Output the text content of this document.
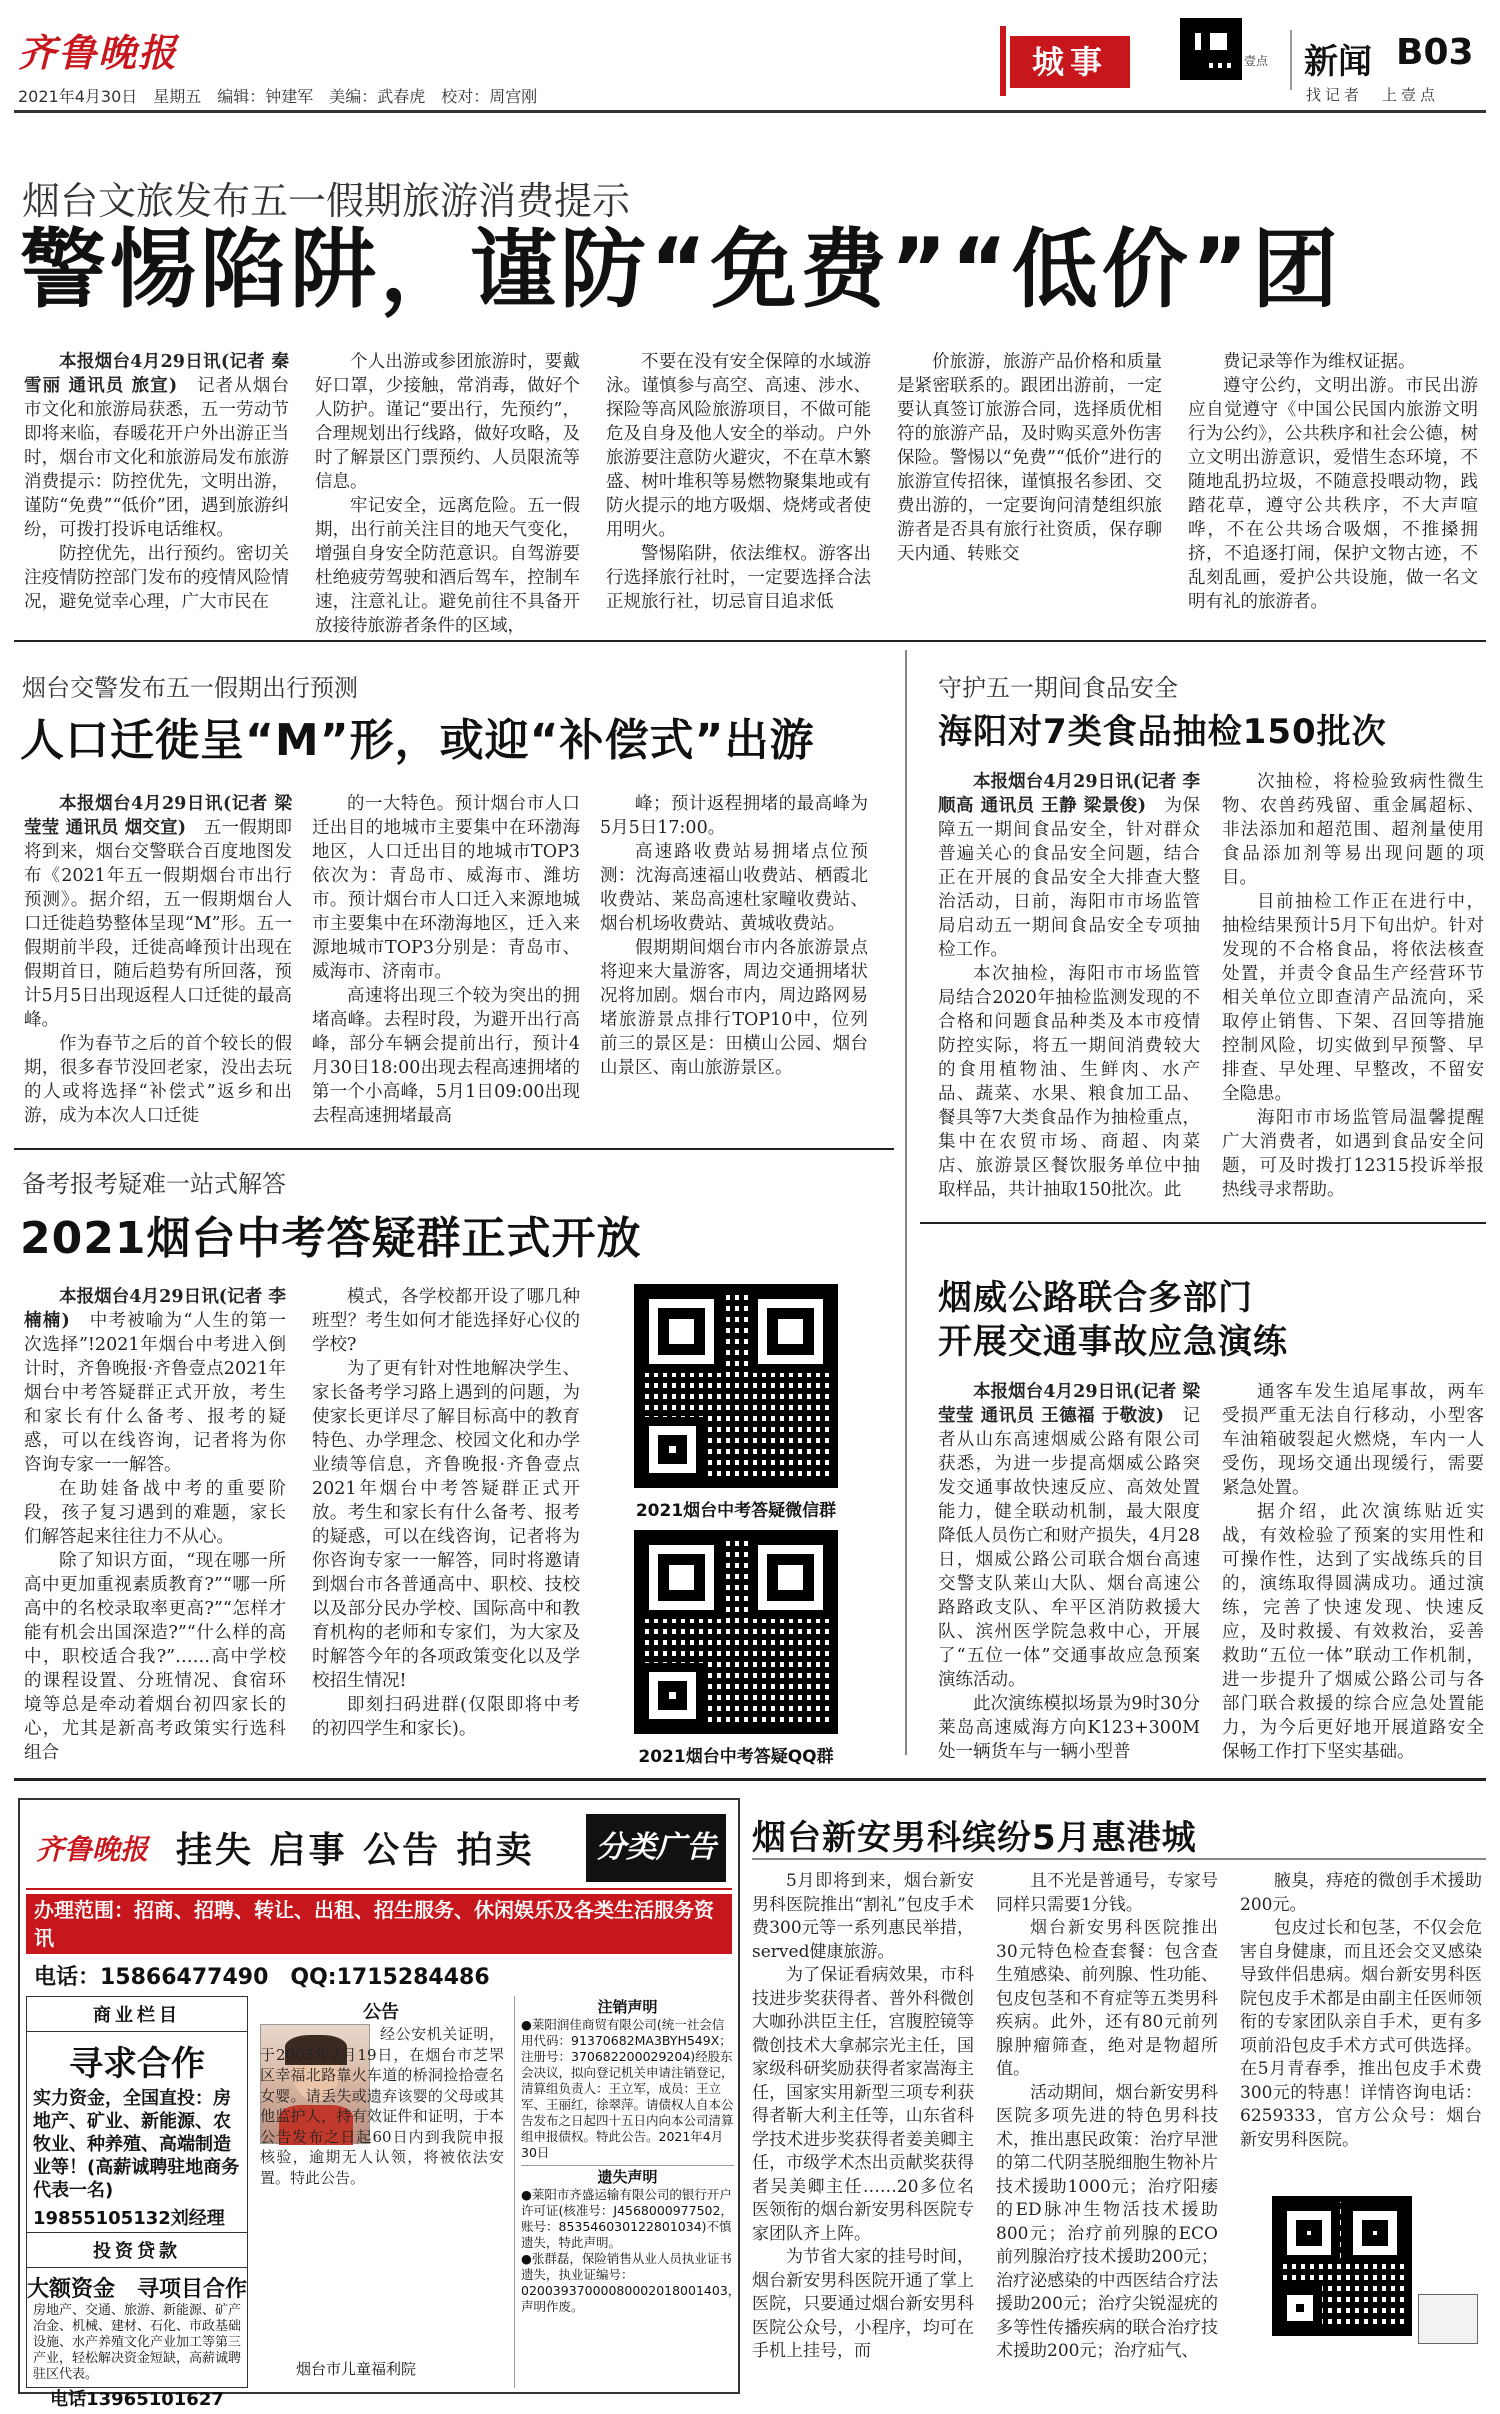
齐鲁晚报
2021年4月30日　星期五　编辑：钟建军　美编：武春虎　校对：周宫刚
城事	壹点 新闻 B03
找记者　上壹点
烟台文旅发布五一假期旅游消费提示
警惕陷阱，谨防“免费”“低价”团

本报烟台4月29日讯(记者 秦雪丽 通讯员 旅宣)　记者从烟台市文化和旅游局获悉，五一劳动节即将来临，春暖花开户外出游正当时，烟台市文化和旅游局发布旅游消费提示：防控优先，文明出游，谨防“免费”“低价”团，遇到旅游纠纷，可拨打投诉电话维权。

防控优先，出行预约。密切关注疫情防控部门发布的疫情风险情况，避免觉幸心理，广大市民在

个人出游或参团旅游时，要戴好口罩，少接触，常消毒，做好个人防护。谨记“要出行，先预约”，合理规划出行线路，做好攻略，及时了解景区门票预约、人员限流等信息。

牢记安全，远离危险。五一假期，出行前关注目的地天气变化，增强自身安全防范意识。自驾游要杜绝疲劳驾驶和酒后驾车，控制车速，注意礼让。避免前往不具备开放接待旅游者条件的区域，

不要在没有安全保障的水域游泳。谨慎参与高空、高速、涉水、探险等高风险旅游项目，不做可能危及自身及他人安全的举动。户外旅游要注意防火避灾，不在草木繁盛、树叶堆积等易燃物聚集地或有防火提示的地方吸烟、烧烤或者使用明火。

警惕陷阱，依法维权。游客出行选择旅行社时，一定要选择合法正规旅行社，切忌盲目追求低

价旅游，旅游产品价格和质量是紧密联系的。跟团出游前，一定要认真签订旅游合同，选择质优相符的旅游产品，及时购买意外伤害保险。警惕以“免费”“低价”进行的旅游宣传招徕，谨慎报名参团、交费出游的，一定要询问清楚组织旅游者是否具有旅行社资质，保存聊天内通、转账交

费记录等作为维权证据。

遵守公约，文明出游。市民出游应自觉遵守《中国公民国内旅游文明行为公约》，公共秩序和社会公德，树立文明出游意识，爱惜生态环境，不随地乱扔垃圾，不随意投喂动物，践踏花草，遵守公共秩序，不大声喧哗，不在公共场合吸烟，不推搡拥挤，不追逐打闹，保护文物古迹，不乱刻乱画，爱护公共设施，做一名文明有礼的旅游者。

烟台交警发布五一假期出行预测
人口迁徙呈“M”形，或迎“补偿式”出游

本报烟台4月29日讯(记者 梁莹莹 通讯员 烟交宣)　五一假期即将到来，烟台交警联合百度地图发布《2021年五一假期烟台市出行预测》。据介绍，五一假期烟台人口迁徙趋势整体呈现“M”形。五一假期前半段，迁徙高峰预计出现在假期首日，随后趋势有所回落，预计5月5日出现返程人口迁徙的最高峰。

作为春节之后的首个较长的假期，很多春节没回老家，没出去玩的人或将选择“补偿式”返乡和出游，成为本次人口迁徙

的一大特色。预计烟台市人口迁出目的地城市主要集中在环渤海地区，人口迁出目的地城市TOP3依次为：青岛市、威海市、潍坊市。预计烟台市人口迁入来源地城市主要集中在环渤海地区，迁入来源地城市TOP3分别是：青岛市、威海市、济南市。

高速将出现三个较为突出的拥堵高峰。去程时段，为避开出行高峰，部分车辆会提前出行，预计4月30日18:00出现去程高速拥堵的第一个小高峰，5月1日09:00出现去程高速拥堵最高

峰；预计返程拥堵的最高峰为5月5日17:00。

高速路收费站易拥堵点位预测：沈海高速福山收费站、栖霞北收费站、莱岛高速杜家疃收费站、烟台机场收费站、黄城收费站。

假期期间烟台市内各旅游景点将迎来大量游客，周边交通拥堵状况将加剧。烟台市内，周边路网易堵旅游景点排行TOP10中，位列前三的景区是：田横山公园、烟台山景区、南山旅游景区。

守护五一期间食品安全
海阳对7类食品抽检150批次

本报烟台4月29日讯(记者 李顺高 通讯员 王静 梁景俊)　为保障五一期间食品安全，针对群众普遍关心的食品安全问题，结合正在开展的食品安全大排查大整治活动，日前，海阳市市场监管局启动五一期间食品安全专项抽检工作。

本次抽检，海阳市市场监管局结合2020年抽检监测发现的不合格和问题食品种类及本市疫情防控实际，将五一期间消费较大的食用植物油、生鲜肉、水产品、蔬菜、水果、粮食加工品、餐具等7大类食品作为抽检重点，集中在农贸市场、商超、肉菜店、旅游景区餐饮服务单位中抽取样品，共计抽取150批次。此

次抽检，将检验致病性微生物、农兽药残留、重金属超标、非法添加和超范围、超剂量使用食品添加剂等易出现问题的项目。

目前抽检工作正在进行中，抽检结果预计5月下旬出炉。针对发现的不合格食品，将依法核查处置，并责令食品生产经营环节相关单位立即查清产品流向，采取停止销售、下架、召回等措施控制风险，切实做到早预警、早排查、早处理、早整改，不留安全隐患。

海阳市市场监管局温馨提醒广大消费者，如遇到食品安全问题，可及时拨打12315投诉举报热线寻求帮助。

备考报考疑难一站式解答
2021烟台中考答疑群正式开放

本报烟台4月29日讯(记者 李楠楠)　中考被喻为“人生的第一次选择”!2021年烟台中考进入倒计时，齐鲁晚报·齐鲁壹点2021年烟台中考答疑群正式开放，考生和家长有什么备考、报考的疑惑，可以在线咨询，记者将为你咨询专家一一解答。

在助娃备战中考的重要阶段，孩子复习遇到的难题，家长们解答起来往往力不从心。

除了知识方面，“现在哪一所高中更加重视素质教育?”“哪一所高中的名校录取率更高?”“怎样才能有机会出国深造?”“什么样的高中，职校适合我?”……高中学校的课程设置、分班情况、食宿环境等总是牵动着烟台初四家长的心，尤其是新高考政策实行选科组合

模式，各学校都开设了哪几种班型？考生如何才能选择好心仪的学校?

为了更有针对性地解决学生、家长备考学习路上遇到的问题，为使家长更详尽了解目标高中的教育特色、办学理念、校园文化和办学业绩等信息，齐鲁晚报·齐鲁壹点2021年烟台中考答疑群正式开放。考生和家长有什么备考、报考的疑惑，可以在线咨询，记者将为你咨询专家一一解答，同时将邀请到烟台市各普通高中、职校、技校以及部分民办学校、国际高中和教育机构的老师和专家们，为大家及时解答今年的各项政策变化以及学校招生情况!

即刻扫码进群(仅限即将中考的初四学生和家长)。

2021烟台中考答疑微信群
2021烟台中考答疑QQ群
烟威公路联合多部门
开展交通事故应急演练

本报烟台4月29日讯(记者 梁莹莹 通讯员 王德福 于敬波)　记者从山东高速烟威公路有限公司获悉，为进一步提高烟威公路突发交通事故快速反应、高效处置能力，健全联动机制，最大限度降低人员伤亡和财产损失，4月28日，烟威公路公司联合烟台高速交警支队莱山大队、烟台高速公路路政支队、牟平区消防救援大队、滨州医学院急救中心，开展了“五位一体”交通事故应急预案演练活动。

此次演练模拟场景为9时30分莱岛高速威海方向K123+300M处一辆货车与一辆小型普

通客车发生追尾事故，两车受损严重无法自行移动，小型客车油箱破裂起火燃烧，车内一人受伤，现场交通出现缓行，需要紧急处置。

据介绍，此次演练贴近实战，有效检验了预案的实用性和可操作性，达到了实战练兵的目的，演练取得圆满成功。通过演练，完善了快速发现、快速反应，及时救援、有效救治，妥善救助“五位一体”联动工作机制，进一步提升了烟威公路公司与各部门联合救援的综合应急处置能力，为今后更好地开展道路安全保畅工作打下坚实基础。

齐鲁晚报 挂失 启事 公告 拍卖	分类广告
办理范围：招商、招聘、转让、出租、招生服务、休闲娱乐及各类生活服务资讯
电话：15866477490　QQ:1715284486
商业栏目
寻求合作
实力资金，全国直投：房地产、矿业、新能源、农牧业、种养殖、高端制造业等！(高薪诚聘驻地商务代表一名)
19855105132刘经理
投资贷款
大额资金　寻项目合作
房地产、交通、旅游、新能源、矿产冶金、机械、建材、石化、市政基础设施、水产养殖文化产业加工等第三产业，轻松解决资金短缺，高薪诚聘驻区代表。
电话13965101627
公告
经公安机关证明，于2005年2月19日，在烟台市芝罘区幸福北路靠火车道的桥洞捡拾壹名女婴。请丢失或遗弃该婴的父母或其他监护人，持有效证件和证明，于本公告发布之日起60日内到我院申报核验，逾期无人认领，将被依法安置。特此公告。
烟台市儿童福利院
注销声明
●莱阳润佳商贸有限公司(统一社会信用代码：91370682MA3BYH549X；注册号：370682200029204)经股东会决议，拟向登记机关申请注销登记，清算组负责人：王立军，成员：王立军、王丽红，徐翠萍。请债权人自本公告发布之日起四十五日内向本公司清算组申报债权。特此公告。2021年4月30日
遗失声明
●莱阳市齐盛运输有限公司的银行开户许可证(核准号：J4568000977502，账号：853546030122801034)不慎遗失，特此声明。
●张群磊，保险销售从业人员执业证书遗失，执业证编号：02003937000080002018001403，声明作废。
烟台新安男科缤纷5月惠港城

5月即将到来，烟台新安男科医院推出“割礼”包皮手术费300元等一系列惠民举措，served健康旅游。

为了保证看病效果，市科技进步奖获得者、普外科微创大咖孙洪臣主任，宫腹腔镜等微创技术大拿郝宗光主任，国家级科研奖励获得者家嵩海主任，国家实用新型三项专利获得者靳大利主任等，山东省科学技术进步奖获得者姜美卿主任，市级学术杰出贡献奖获得者吴美卿主任……20多位名医领衔的烟台新安男科医院专家团队齐上阵。

为节省大家的挂号时间，烟台新安男科医院开通了掌上医院，只要通过烟台新安男科医院公众号，小程序，均可在手机上挂号，而

且不光是普通号，专家号同样只需要1分钱。

烟台新安男科医院推出30元特色检查套餐：包含查生殖感染、前列腺、性功能、包皮包茎和不育症等五类男科疾病。此外，还有80元前列腺肿瘤筛查，绝对是物超所值。

活动期间，烟台新安男科医院多项先进的特色男科技术，推出惠民政策：治疗早泄的第二代阴茎脱细胞生物补片技术援助1000元；治疗阳痿的ED脉冲生物活技术援助800元；治疗前列腺的ECO前列腺治疗技术援助200元；治疗泌感染的中西医结合疗法援助200元；治疗尖锐湿疣的多等性传播疾病的联合治疗技术援助200元；治疗疝气、

腋臭，痔疮的微创手术援助200元。

包皮过长和包茎，不仅会危害自身健康，而且还会交叉感染导致伴侣患病。烟台新安男科医院包皮手术都是由副主任医师领衔的专家团队亲自手术，更有多项前沿包皮手术方式可供选择。在5月青春季，推出包皮手术费300元的特惠！详情咨询电话：6259333，官方公众号：烟台新安男科医院。
